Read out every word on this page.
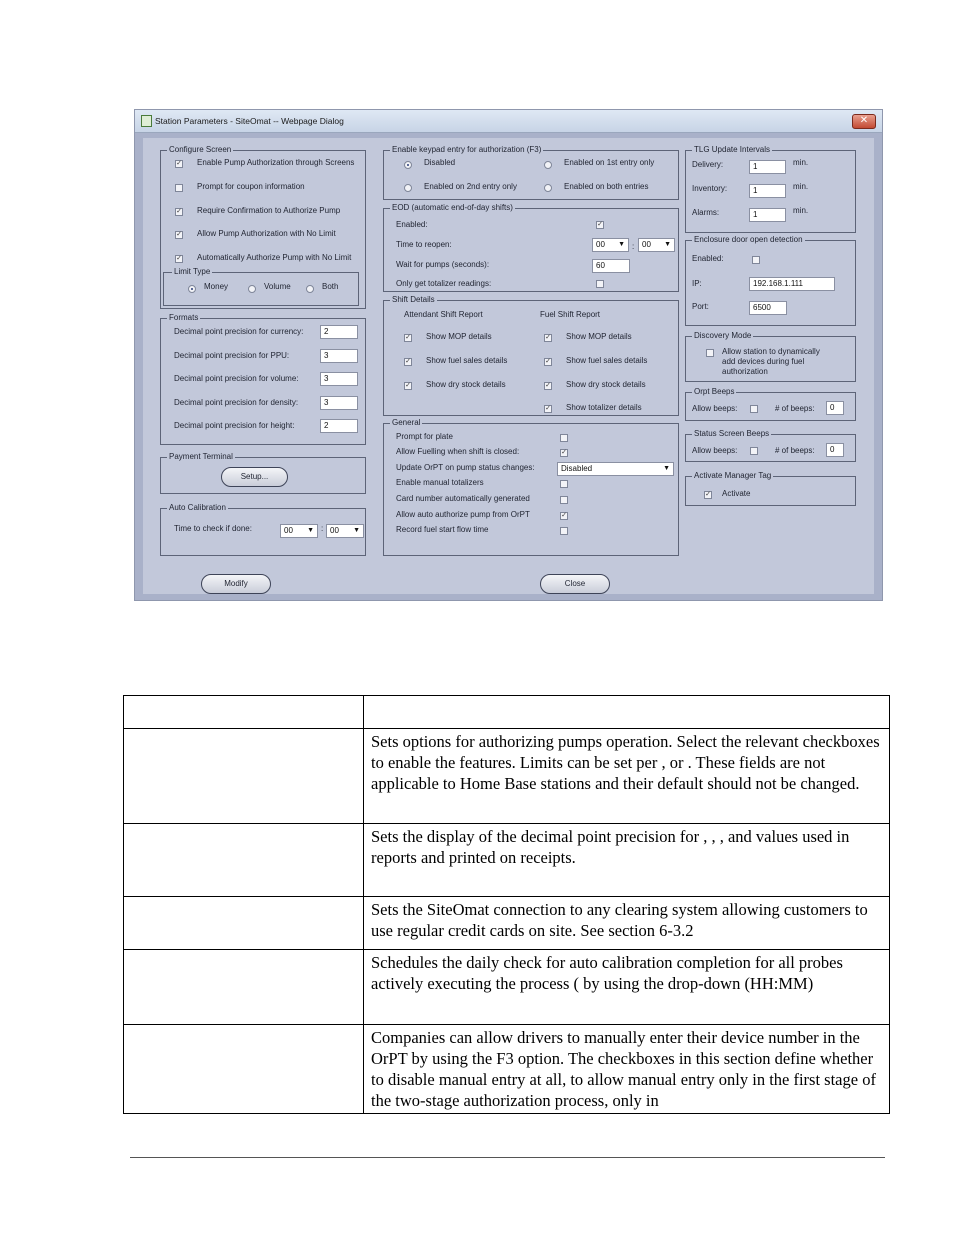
Station Parameters - SiteOmat -- Webpage Dialog	✕
Configure Screen
✓ Enable Pump Authorization through Screens
Prompt for coupon information
✓ Require Confirmation to Authorize Pump
✓ Allow Pump Authorization with No Limit
✓ Automatically Authorize Pump with No Limit
Limit Type
Money	Volume	Both
Formats
Decimal point precision for currency:	2
Decimal point precision for PPU:	3
Decimal point precision for volume:	3
Decimal point precision for density:	3
Decimal point precision for height:	2
Payment Terminal
Setup...
Auto Calibration
Time to check if done:	00 ▼ : 00 ▼
Enable keypad entry for authorization (F3)
Disabled	Enabled on 1st entry only
Enabled on 2nd entry only	Enabled on both entries
EOD (automatic end-of-day shifts)
Enabled:	✓
Time to reopen:	00 ▼ : 00 ▼
Wait for pumps (seconds):	60
Only get totalizer readings:
Shift Details
Attendant Shift Report	Fuel Shift Report
✓ Show MOP details
✓ Show fuel sales details
✓ Show dry stock details
✓ Show MOP details
✓ Show fuel sales details
✓ Show dry stock details
✓ Show totalizer details
General
Prompt for plate
Allow Fuelling when shift is closed:	✓
Update OrPT on pump status changes:	Disabled	▼
Enable manual totalizers
Card number automatically generated
Allow auto authorize pump from OrPT	✓
Record fuel start flow time
TLG Update Intervals
Delivery:	1	min.
Inventory:	1	min.
Alarms:	1	min.
Enclosure door open detection
Enabled:
IP:	192.168.1.111
Port:	6500
Discovery Mode
Allow station to dynamically add devices during fuel authorization
Orpt Beeps
Allow beeps:	# of beeps:	0
Status Screen Beeps
Allow beeps:	# of beeps:	0
Activate Manager Tag
✓ Activate
Modify	Close

	Sets options for authorizing pumps operation. Select the relevant checkboxes to enable the features. Limits can be set per , or . These fields are not applicable to Home Base stations and their default should not be changed.
	Sets the display of the decimal point precision for , , , and values used in reports and printed on receipts.
	Sets the SiteOmat connection to any clearing system allowing customers to use regular credit cards on site. See section 6-3.2
	Schedules the daily check for auto calibration completion for all probes actively executing the process ( by using the drop-down (HH:MM)
	Companies can allow drivers to manually enter their device number in the OrPT by using the F3 option. The checkboxes in this section define whether to disable manual entry at all, to allow manual entry only in the first stage of the two-stage authorization process, only in
